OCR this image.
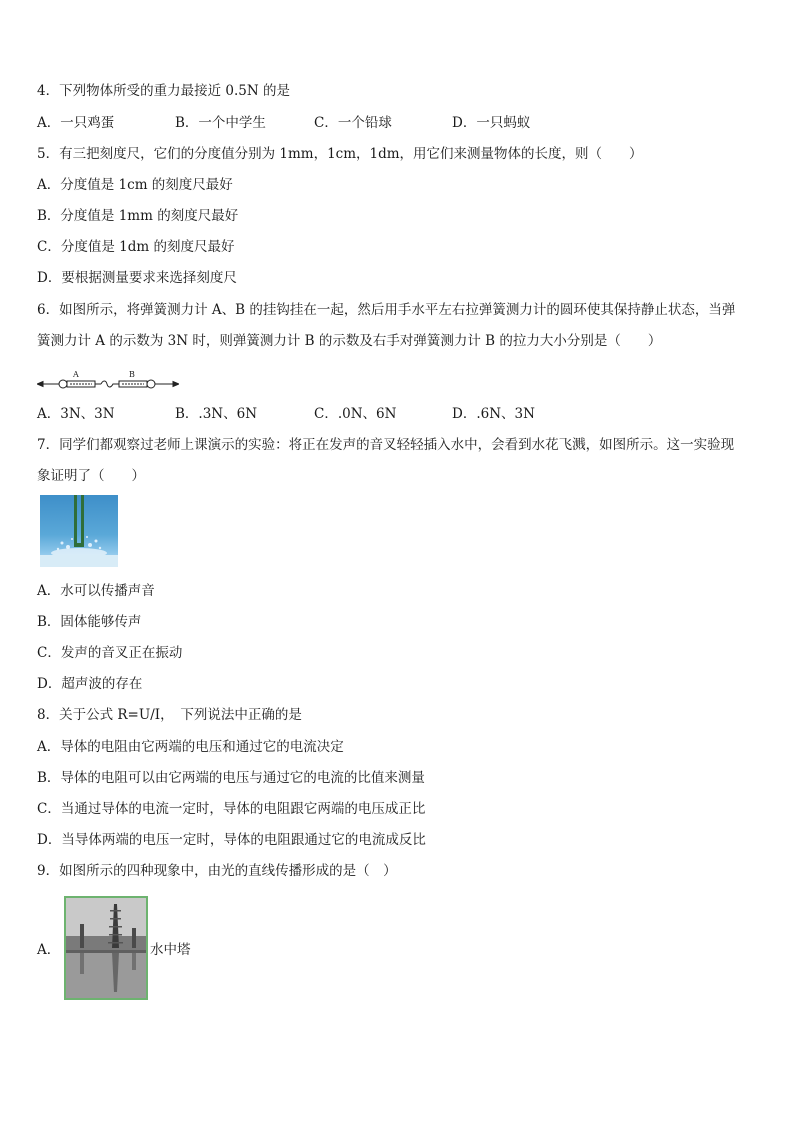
4．下列物体所受的重力最接近 0.5N 的是
A．一只鸡蛋	B．一个中学生	C．一个铅球	D．一只蚂蚁
5．有三把刻度尺，它们的分度值分别为 1mm，1cm，1dm，用它们来测量物体的长度，则（　　）
A．分度值是 1cm 的刻度尺最好
B．分度值是 1mm 的刻度尺最好
C．分度值是 1dm 的刻度尺最好
D．要根据测量要求来选择刻度尺
6．如图所示，将弹簧测力计 A、B 的挂钩挂在一起，然后用手水平左右拉弹簧测力计的圆环使其保持静止状态，当弹
簧测力计 A 的示数为 3N 时，则弹簧测力计 B 的示数及右手对弹簧测力计 B 的拉力大小分别是（　　）
A	B
A．3N、3N	B．.3N、6N	C．.0N、6N	D．.6N、3N
7．同学们都观察过老师上课演示的实验：将正在发声的音叉轻轻插入水中，会看到水花飞溅，如图所示。这一实验现
象证明了（　　）
A．水可以传播声音
B．固体能够传声
C．发声的音叉正在振动
D．超声波的存在
8．关于公式 R=U/I，　下列说法中正确的是
A．导体的电阻由它两端的电压和通过它的电流决定
B．导体的电阻可以由它两端的电压与通过它的电流的比值来测量
C．当通过导体的电流一定时，导体的电阻跟它两端的电压成正比
D．当导体两端的电压一定时，导体的电阻跟通过它的电流成反比
9．如图所示的四种现象中，由光的直线传播形成的是（　）
A．	水中塔
